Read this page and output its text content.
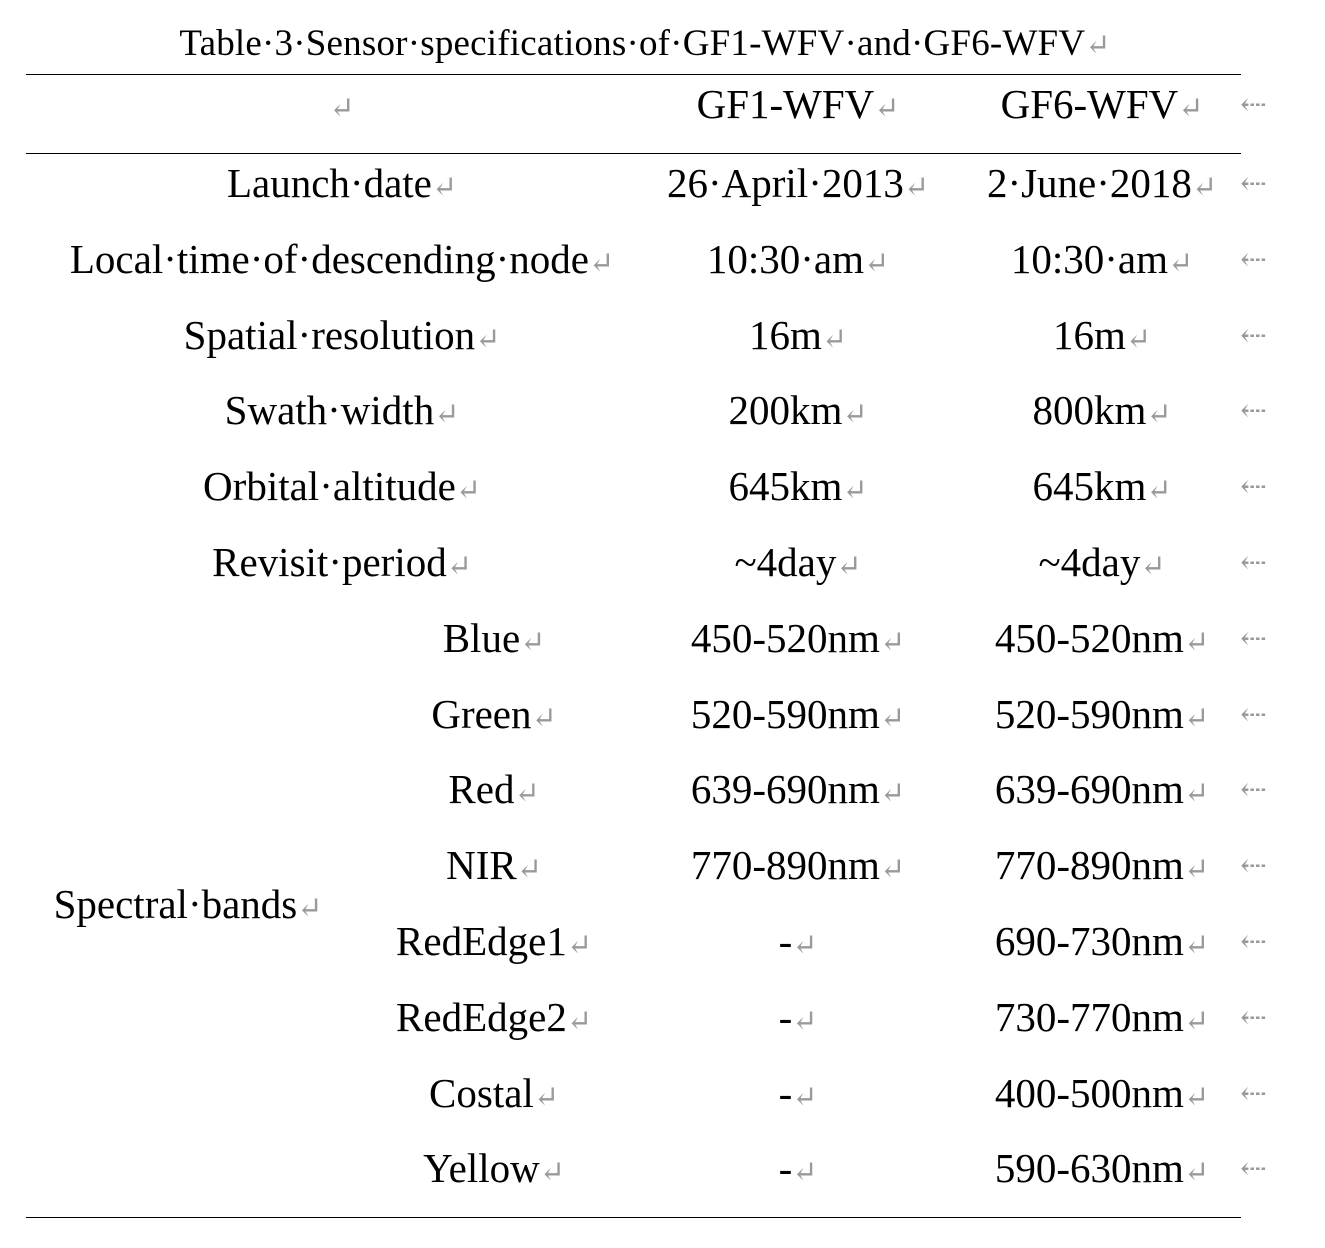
Table·3·Sensor·specifications·of·GF1-WFV·and·GF6-WFV↵
↵	GF1-WFV↵ GF6-WFV↵ ⇠
Launch·date↵	26·April·2013↵ 2·June·2018↵ ⇠
Local·time·of·descending·node↵ 10:30·am↵	10:30·am↵ ⇠
Spatial·resolution↵	16m↵	16m↵	⇠
Swath·width↵	200km↵	800km↵ ⇠
Orbital·altitude↵	645km↵	645km↵ ⇠
Revisit·period↵	~4day↵	~4day↵ ⇠
Spectral·bands↵
Blue↵	450-520nm↵ 450-520nm↵ ⇠
Green↵	520-590nm↵ 520-590nm↵ ⇠
Red↵	639-690nm↵ 639-690nm↵ ⇠
NIR↵	770-890nm↵ 770-890nm↵ ⇠
RedEdge1↵	-↵	690-730nm↵ ⇠
RedEdge2↵	-↵	730-770nm↵ ⇠
Costal↵	-↵	400-500nm↵ ⇠
Yellow↵	-↵	590-630nm↵ ⇠
